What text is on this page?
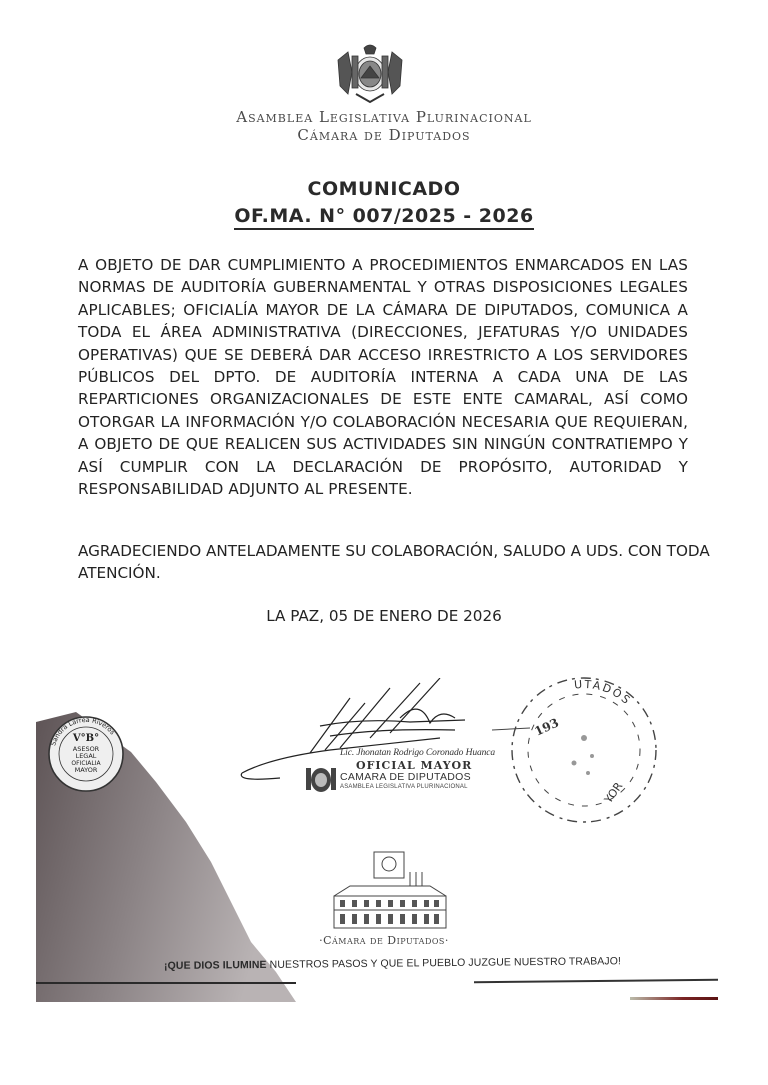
Asamblea Legislativa Plurinacional
Cámara de Diputados
COMUNICADO
OF.MA. N° 007/2025 - 2026
A OBJETO DE DAR CUMPLIMIENTO A PROCEDIMIENTOS ENMARCADOS EN LAS NORMAS DE AUDITORÍA GUBERNAMENTAL Y OTRAS DISPOSICIONES LEGALES APLICABLES; OFICIALÍA MAYOR DE LA CÁMARA DE DIPUTADOS, COMUNICA A TODA EL ÁREA ADMINISTRATIVA (DIRECCIONES, JEFATURAS Y/O UNIDADES OPERATIVAS) QUE SE DEBERÁ DAR ACCESO IRRESTRICTO A LOS SERVIDORES PÚBLICOS DEL DPTO. DE AUDITORÍA INTERNA A CADA UNA DE LAS REPARTICIONES ORGANIZACIONALES DE ESTE ENTE CAMARAL, ASÍ COMO OTORGAR LA INFORMACIÓN Y/O COLABORACIÓN NECESARIA QUE REQUIERAN, A OBJETO DE QUE REALICEN SUS ACTIVIDADES SIN NINGÚN CONTRATIEMPO Y ASÍ CUMPLIR CON LA DECLARACIÓN DE PROPÓSITO, AUTORIDAD Y RESPONSABILIDAD ADJUNTO AL PRESENTE.
AGRADECIENDO ANTELADAMENTE SU COLABORACIÓN, SALUDO A UDS. CON TODA ATENCIÓN.
LA PAZ, 05 DE ENERO DE 2026
V°B°
ASESOR
LEGAL
OFICIALIA
MAYOR
Sandra Larrea Riveros
Lic. Jhonatan Rodrigo Coronado Huanca
OFICIAL MAYOR
CAMARA DE DIPUTADOS
ASAMBLEA LEGISLATIVA PLURINACIONAL
UTADOS
193
YOR
·Cámara de Diputados·
¡QUE DIOS ILUMINE NUESTROS PASOS Y QUE EL PUEBLO JUZGUE NUESTRO TRABAJO!
